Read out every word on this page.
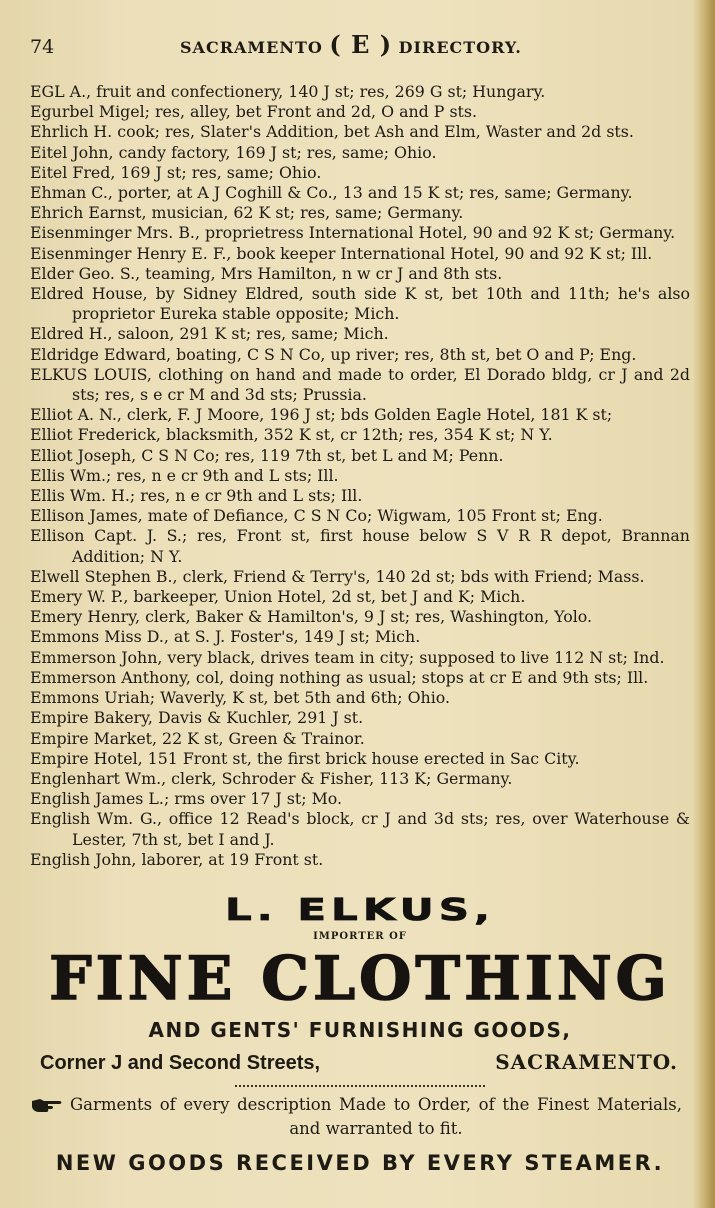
74	SACRAMENTO ( E ) DIRECTORY.
EGL A., fruit and confectionery, 140 J st; res, 269 G st; Hungary.
Egurbel Migel; res, alley, bet Front and 2d, O and P sts.
Ehrlich H. cook; res, Slater's Addition, bet Ash and Elm, Waster and 2d sts.
Eitel John, candy factory, 169 J st; res, same; Ohio.
Eitel Fred, 169 J st; res, same; Ohio.
Ehman C., porter, at A J Coghill & Co., 13 and 15 K st; res, same; Germany.
Ehrich Earnst, musician, 62 K st; res, same; Germany.
Eisenminger Mrs. B., proprietress International Hotel, 90 and 92 K st; Germany.
Eisenminger Henry E. F., book keeper International Hotel, 90 and 92 K st; Ill.
Elder Geo. S., teaming, Mrs Hamilton, n w cr J and 8th sts.
Eldred House, by Sidney Eldred, south side K st, bet 10th and 11th; he's also proprietor Eureka stable opposite; Mich.
Eldred H., saloon, 291 K st; res, same; Mich.
Eldridge Edward, boating, C S N Co, up river; res, 8th st, bet O and P; Eng.
ELKUS LOUIS, clothing on hand and made to order, El Dorado bldg, cr J and 2d sts; res, s e cr M and 3d sts; Prussia.
Elliot A. N., clerk, F. J Moore, 196 J st; bds Golden Eagle Hotel, 181 K st;
Elliot Frederick, blacksmith, 352 K st, cr 12th; res, 354 K st; N Y.
Elliot Joseph, C S N Co; res, 119 7th st, bet L and M; Penn.
Ellis Wm.; res, n e cr 9th and L sts; Ill.
Ellis Wm. H.; res, n e cr 9th and L sts; Ill.
Ellison James, mate of Defiance, C S N Co; Wigwam, 105 Front st; Eng.
Ellison Capt. J. S.; res, Front st, first house below S V R R depot, Brannan Addition; N Y.
Elwell Stephen B., clerk, Friend & Terry's, 140 2d st; bds with Friend; Mass.
Emery W. P., barkeeper, Union Hotel, 2d st, bet J and K; Mich.
Emery Henry, clerk, Baker & Hamilton's, 9 J st; res, Washington, Yolo.
Emmons Miss D., at S. J. Foster's, 149 J st; Mich.
Emmerson John, very black, drives team in city; supposed to live 112 N st; Ind.
Emmerson Anthony, col, doing nothing as usual; stops at cr E and 9th sts; Ill.
Emmons Uriah; Waverly, K st, bet 5th and 6th; Ohio.
Empire Bakery, Davis & Kuchler, 291 J st.
Empire Market, 22 K st, Green & Trainor.
Empire Hotel, 151 Front st, the first brick house erected in Sac City.
Englenhart Wm., clerk, Schroder & Fisher, 113 K; Germany.
English James L.; rms over 17 J st; Mo.
English Wm. G., office 12 Read's block, cr J and 3d sts; res, over Waterhouse & Lester, 7th st, bet I and J.
English John, laborer, at 19 Front st.
L. ELKUS,
IMPORTER OF
FINE CLOTHING
AND GENTS' FURNISHING GOODS,
Corner J and Second Streets,	SACRAMENTO.
Garments of every description Made to Order, of the Finest Materials, and warranted to fit.
NEW GOODS RECEIVED BY EVERY STEAMER.
